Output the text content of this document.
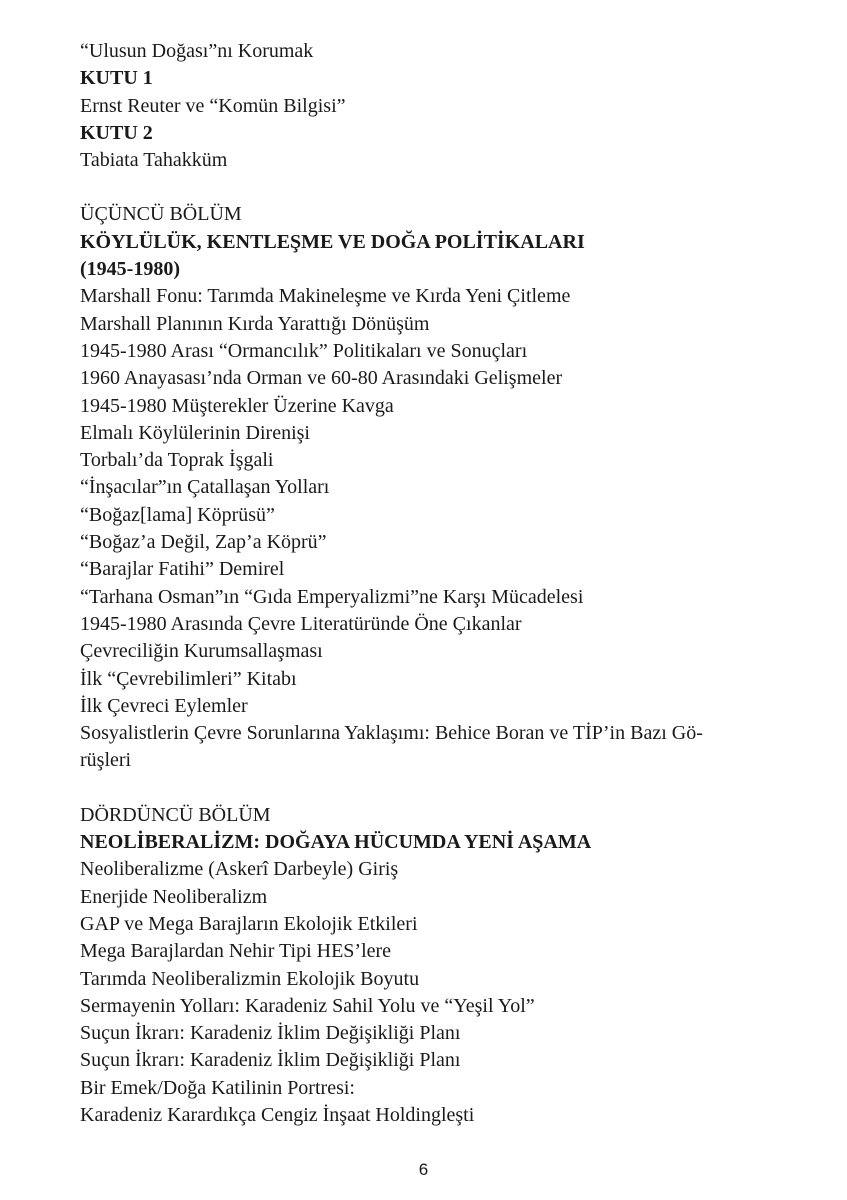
“Ulusun Doğası”nı Korumak
KUTU 1
Ernst Reuter ve “Komün Bilgisi”
KUTU 2
Tabiata Tahakküm
ÜÇÜNCÜ BÖLÜM
KÖYLÜLÜK, KENTLEŞME VE DOĞA POLİTİKALARI
(1945-1980)
Marshall Fonu: Tarımda Makineleşme ve Kırda Yeni Çitleme
Marshall Planının Kırda Yarattığı Dönüşüm
1945-1980 Arası “Ormancılık” Politikaları ve Sonuçları
1960 Anayasası’nda Orman ve 60-80 Arasındaki Gelişmeler
1945-1980 Müşterekler Üzerine Kavga
Elmalı Köylülerinin Direnişi
Torbalı’da Toprak İşgali
“İnşacılar”ın Çatallaşan Yolları
“Boğaz[lama] Köprüsü”
“Boğaz’a Değil, Zap’a Köprü”
“Barajlar Fatihi” Demirel
“Tarhana Osman”ın “Gıda Emperyalizmi”ne Karşı Mücadelesi
1945-1980 Arasında Çevre Literatüründe Öne Çıkanlar
Çevreciliğin Kurumsallaşması
İlk “Çevrebilimleri” Kitabı
İlk Çevreci Eylemler
Sosyalistlerin Çevre Sorunlarına Yaklaşımı: Behice Boran ve TİP’in Bazı Gö-
rüşleri
DÖRDÜNCÜ BÖLÜM
NEOLİBERALİZM: DOĞAYA HÜCUMDA YENİ AŞAMA
Neoliberalizme (Askerî Darbeyle) Giriş
Enerjide Neoliberalizm
GAP ve Mega Barajların Ekolojik Etkileri
Mega Barajlardan Nehir Tipi HES’lere
Tarımda Neoliberalizmin Ekolojik Boyutu
Sermayenin Yolları: Karadeniz Sahil Yolu ve “Yeşil Yol”
Suçun İkrarı: Karadeniz İklim Değişikliği Planı
Suçun İkrarı: Karadeniz İklim Değişikliği Planı
Bir Emek/Doğa Katilinin Portresi:
Karadeniz Karardıkça Cengiz İnşaat Holdingleşti
6
